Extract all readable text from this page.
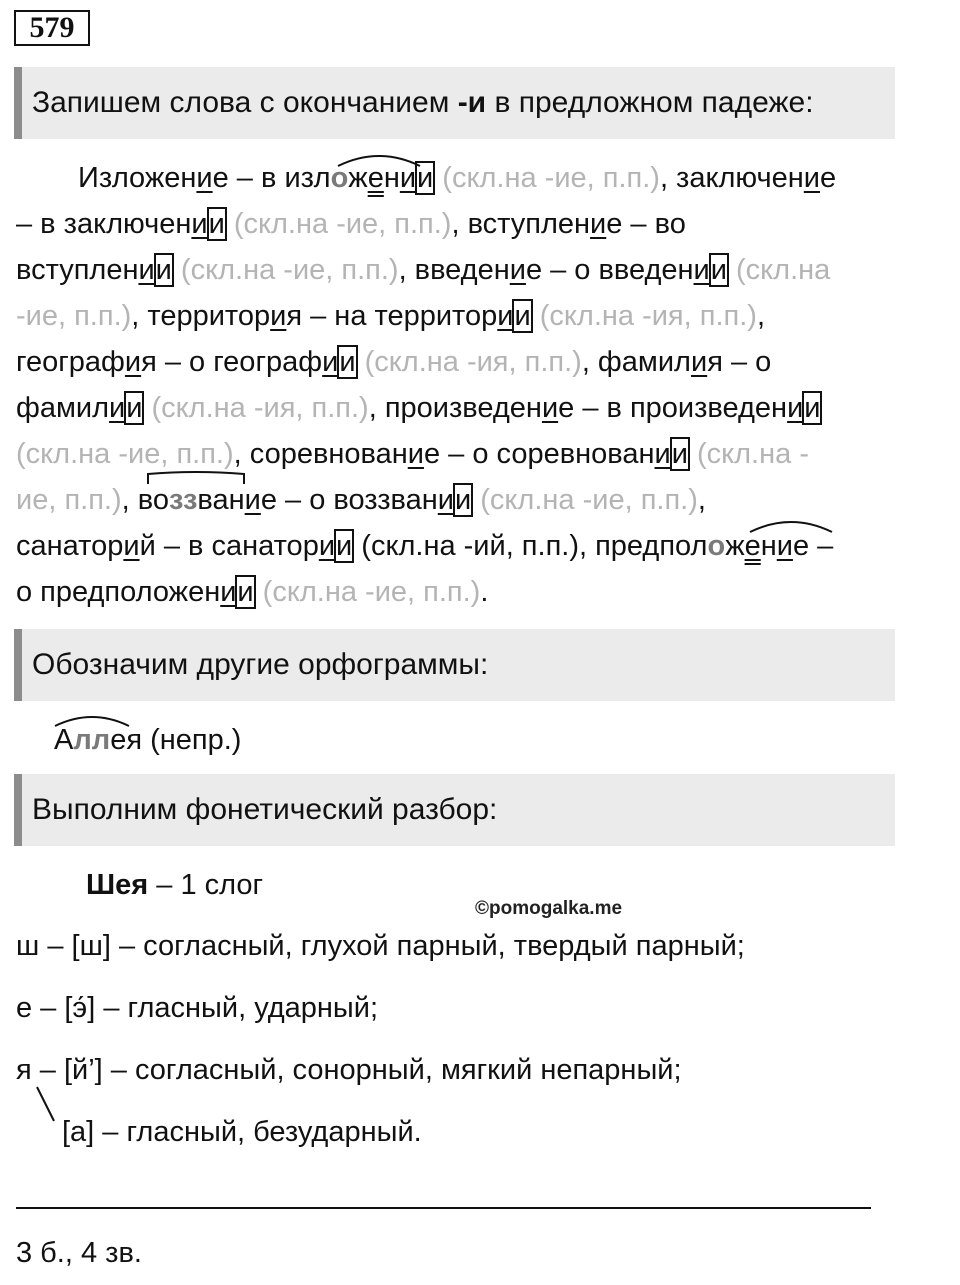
579
Запишем слова с окончанием -и в предложном падеже:
Изложение – в изложении (скл.на -ие, п.п.), заключение
– в заключении (скл.на -ие, п.п.), вступление – во
вступлении (скл.на -ие, п.п.), введение – о введении (скл.на
-ие, п.п.), территория – на территории (скл.на -ия, п.п.),
география – о географии (скл.на -ия, п.п.), фамилия – о
фамилии (скл.на -ия, п.п.), произведение – в произведении
(скл.на -ие, п.п.), соревнование – о соревновании (скл.на -
ие, п.п.), воззвание – о воззвании (скл.на -ие, п.п.),
санаторий – в санатории (скл.на -ий, п.п.), предположение –
о предположении (скл.на -ие, п.п.).
Обозначим другие орфограммы:
Аллея (непр.)
Выполним фонетический разбор:
Шея – 1 слог
©pomogalka.me
ш – [ш] – согласный, глухой парный, твердый парный;
е – [э́] – гласный, ударный;
я – [й’] – согласный, сонорный, мягкий непарный;
[а] – гласный, безударный.
3 б., 4 зв.
